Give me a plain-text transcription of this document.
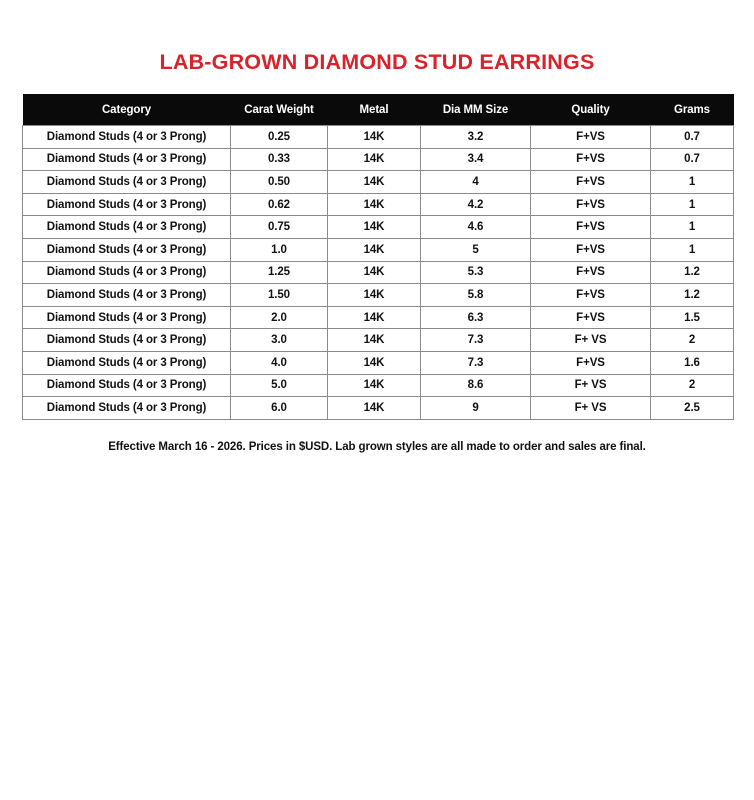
LAB-GROWN DIAMOND STUD EARRINGS
Category	Carat Weight	Metal	Dia MM Size	Quality	Grams
Diamond Studs (4 or 3 Prong)	0.25	14K	3.2	F+VS	0.7
Diamond Studs (4 or 3 Prong)	0.33	14K	3.4	F+VS	0.7
Diamond Studs (4 or 3 Prong)	0.50	14K	4	F+VS	1
Diamond Studs (4 or 3 Prong)	0.62	14K	4.2	F+VS	1
Diamond Studs (4 or 3 Prong)	0.75	14K	4.6	F+VS	1
Diamond Studs (4 or 3 Prong)	1.0	14K	5	F+VS	1
Diamond Studs (4 or 3 Prong)	1.25	14K	5.3	F+VS	1.2
Diamond Studs (4 or 3 Prong)	1.50	14K	5.8	F+VS	1.2
Diamond Studs (4 or 3 Prong)	2.0	14K	6.3	F+VS	1.5
Diamond Studs (4 or 3 Prong)	3.0	14K	7.3	F+ VS	2
Diamond Studs (4 or 3 Prong)	4.0	14K	7.3	F+VS	1.6
Diamond Studs (4 or 3 Prong)	5.0	14K	8.6	F+ VS	2
Diamond Studs (4 or 3 Prong)	6.0	14K	9	F+ VS	2.5
Effective March 16 - 2026. Prices in $USD. Lab grown styles are all made to order and sales are final.
